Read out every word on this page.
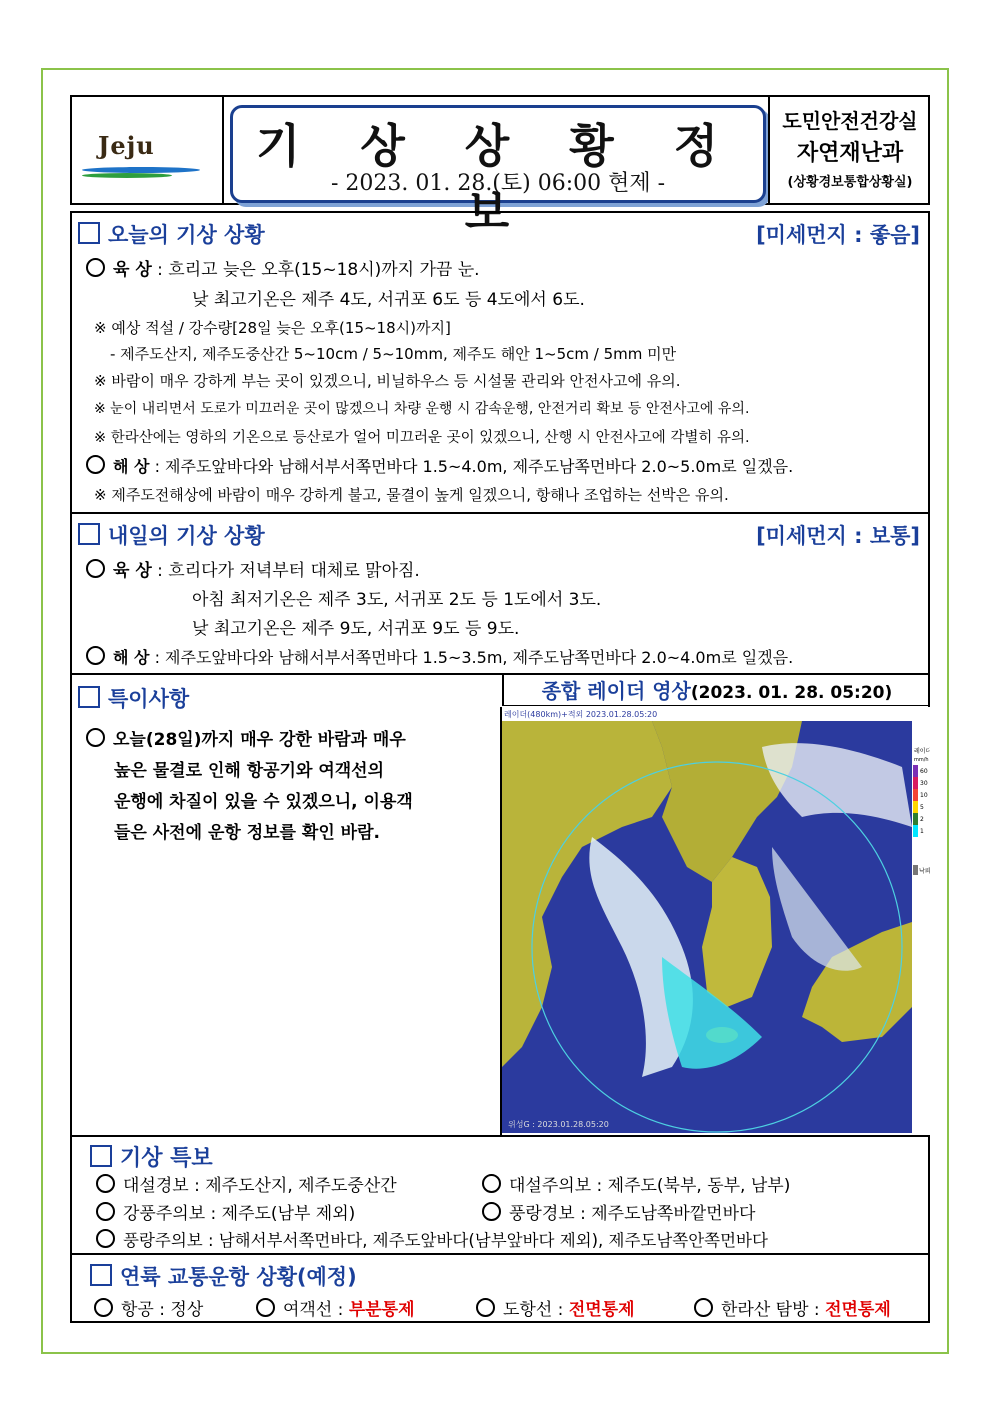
Jeju	기 상 상 황 정 보
- 2023. 01. 28.(토) 06:00 현제 -
도민안전건강실
자연재난과
(상황경보통합상황실)
오늘의 기상 상황	[미세먼지 : 좋음]
육 상 : 흐리고 늦은 오후(15~18시)까지 가끔 눈.
낮 최고기온은 제주 4도, 서귀포 6도 등 4도에서 6도.
※ 예상 적설 / 강수량[28일 늦은 오후(15~18시)까지]
- 제주도산지, 제주도중산간 5~10cm / 5~10mm, 제주도 해안 1~5cm / 5mm 미만
※ 바람이 매우 강하게 부는 곳이 있겠으니, 비닐하우스 등 시설물 관리와 안전사고에 유의.
※ 눈이 내리면서 도로가 미끄러운 곳이 많겠으니 차량 운행 시 감속운행, 안전거리 확보 등 안전사고에 유의.
※ 한라산에는 영하의 기온으로 등산로가 얼어 미끄러운 곳이 있겠으니, 산행 시 안전사고에 각별히 유의.
해 상 : 제주도앞바다와 남해서부서쪽먼바다 1.5~4.0m, 제주도남쪽먼바다 2.0~5.0m로 일겠음.
※ 제주도전해상에 바람이 매우 강하게 불고, 물결이 높게 일겠으니, 항해나 조업하는 선박은 유의.
내일의 기상 상황	[미세먼지 : 보통]
육 상 : 흐리다가 저녁부터 대체로 맑아짐.
아침 최저기온은 제주 3도, 서귀포 2도 등 1도에서 3도.
낮 최고기온은 제주 9도, 서귀포 9도 등 9도.
해 상 : 제주도앞바다와 남해서부서쪽먼바다 1.5~3.5m, 제주도남쪽먼바다 2.0~4.0m로 일겠음.
특이사항
오늘(28일)까지 매우 강한 바람과 매우
높은 물결로 인해 항공기와 여객선의
운행에 차질이 있을 수 있겠으니, 이용객
들은 사전에 운항 정보를 확인 바람.
종합 레이더 영상(2023. 01. 28. 05:20)
레이더
mm/h
60
30
10
5
2
1
낙뢰
레이더(480km)+적외 2023.01.28.05:20
위성G : 2023.01.28.05:20
기상 특보
대설경보 : 제주도산지, 제주도중산간	대설주의보 : 제주도(북부, 동부, 남부)
강풍주의보 : 제주도(남부 제외)	풍랑경보 : 제주도남쪽바깥먼바다
풍랑주의보 : 남해서부서쪽먼바다, 제주도앞바다(남부앞바다 제외), 제주도남쪽안쪽먼바다
연륙 교통운항 상황(예정)
항공 : 정상	여객선 : 부분통제	도항선 : 전면통제	한라산 탐방 : 전면통제
